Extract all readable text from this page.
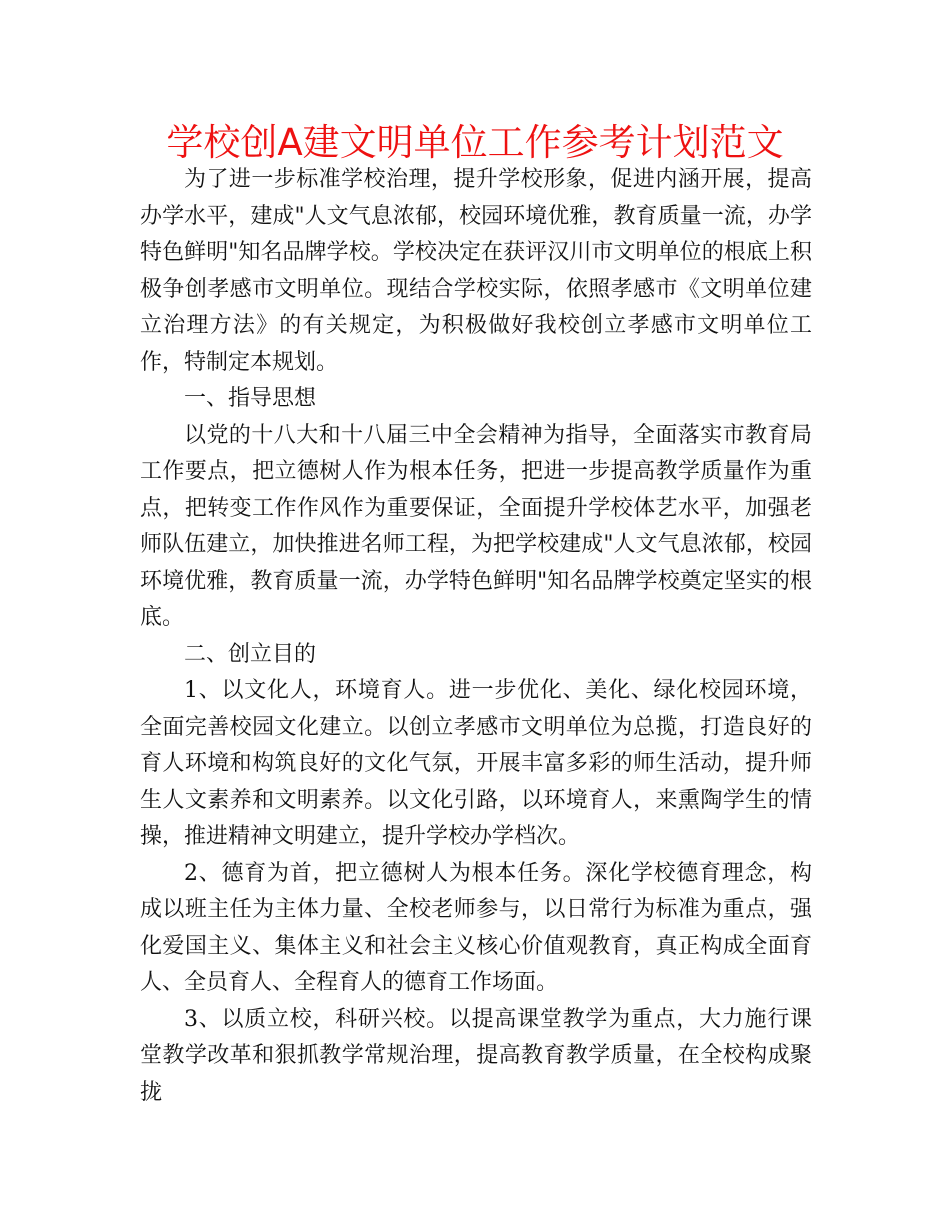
学校创A建文明单位工作参考计划范文

为了进一步标准学校治理，提升学校形象，促进内涵开展，提高办学水平，建成"人文气息浓郁，校园环境优雅，教育质量一流，办学特色鲜明"知名品牌学校。学校决定在获评汉川市文明单位的根底上积极争创孝感市文明单位。现结合学校实际，依照孝感市《文明单位建立治理方法》的有关规定，为积极做好我校创立孝感市文明单位工作，特制定本规划。

一、指导思想

以党的十八大和十八届三中全会精神为指导，全面落实市教育局工作要点，把立德树人作为根本任务，把进一步提高教学质量作为重点，把转变工作作风作为重要保证，全面提升学校体艺水平，加强老师队伍建立，加快推进名师工程，为把学校建成"人文气息浓郁，校园环境优雅，教育质量一流，办学特色鲜明"知名品牌学校奠定坚实的根底。

二、创立目的

1、以文化人，环境育人。进一步优化、美化、绿化校园环境，全面完善校园文化建立。以创立孝感市文明单位为总揽，打造良好的育人环境和构筑良好的文化气氛，开展丰富多彩的师生活动，提升师生人文素养和文明素养。以文化引路，以环境育人，来熏陶学生的情操，推进精神文明建立，提升学校办学档次。

2、德育为首，把立德树人为根本任务。深化学校德育理念，构成以班主任为主体力量、全校老师参与，以日常行为标准为重点，强化爱国主义、集体主义和社会主义核心价值观教育，真正构成全面育人、全员育人、全程育人的德育工作场面。

3、以质立校，科研兴校。以提高课堂教学为重点，大力施行课堂教学改革和狠抓教学常规治理，提高教育教学质量，在全校构成聚拢
